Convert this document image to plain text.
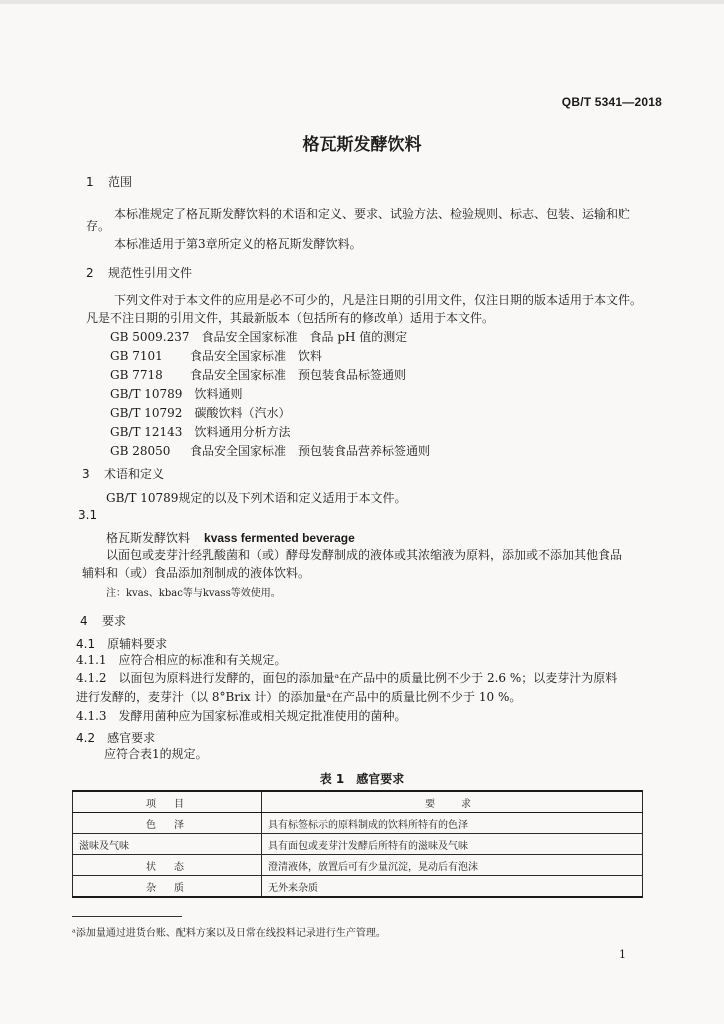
QB/T 5341—2018
格瓦斯发酵饮料
1 范围
本标准规定了格瓦斯发酵饮料的术语和定义、要求、试验方法、检验规则、标志、包装、运输和贮
存。
本标准适用于第3章所定义的格瓦斯发酵饮料。
2 规范性引用文件
下列文件对于本文件的应用是必不可少的，凡是注日期的引用文件，仅注日期的版本适用于本文件。
凡是不注日期的引用文件，其最新版本（包括所有的修改单）适用于本文件。
GB 5009.237　 食品安全国家标准　食品 pH 值的测定
GB 7101　 食品安全国家标准　饮料
GB 7718　 食品安全国家标准　预包装食品标签通则
GB/T 10789　 饮料通则
GB/T 10792　 碳酸饮料（汽水）
GB/T 12143　 饮料通用分析方法
GB 28050　 食品安全国家标准　预包装食品营养标签通则
3 术语和定义
GB/T 10789规定的以及下列术语和定义适用于本文件。
3.1
格瓦斯发酵饮料 kvass fermented beverage
以面包或麦芽汁经乳酸菌和（或）酵母发酵制成的液体或其浓缩液为原料，添加或不添加其他食品
辅料和（或）食品添加剂制成的液体饮料。
注：kvas、kbac等与kvass等效使用。
4 要求
4.1　原辅料要求
4.1.1　应符合相应的标准和有关规定。
4.1.2　以面包为原料进行发酵的，面包的添加量ᵃ在产品中的质量比例不少于 2.6 %；以麦芽汁为原料
进行发酵的，麦芽汁（以 8°Brix 计）的添加量ᵃ在产品中的质量比例不少于 10 %。
4.1.3　发酵用菌种应为国家标准或相关规定批准使用的菌种。
4.2　感官要求
应符合表1的规定。
表 1　感官要求
项　目	要　求
色　泽	具有标签标示的原料制成的饮料所特有的色泽
滋味及气味	具有面包或麦芽汁发酵后所特有的滋味及气味
状　态	澄清液体，放置后可有少量沉淀，晃动后有泡沫
杂　质	无外来杂质
ᵃ添加量通过进货台账、配料方案以及日常在线投料记录进行生产管理。
1
